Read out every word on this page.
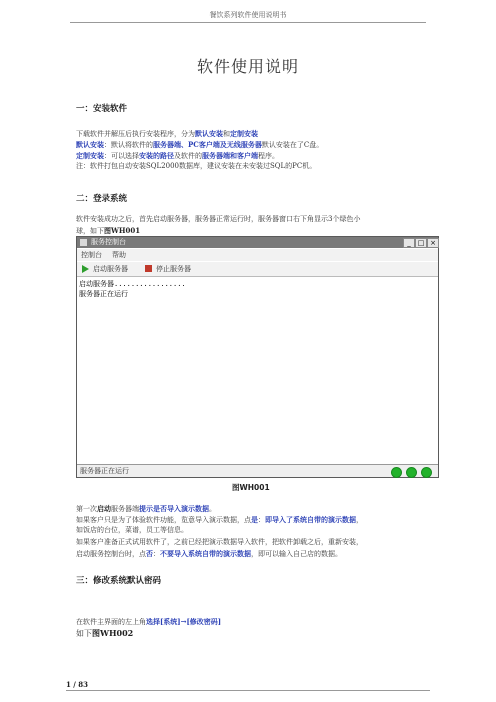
餐饮系列软件使用说明书
软件使用说明
一：安装软件
下载软件并解压后执行安装程序，分为默认安装和定制安装
默认安装：默认将软件的服务器端、PC客户端及无线服务器默认安装在了C盘。
定制安装：可以选择安装的路径及软件的服务器端和客户端程序。
注：软件打包自动安装SQL2000数据库，建议安装在未安装过SQL的PC机。
二：登录系统
软件安装成功之后，首先启动服务器，服务器正常运行时，服务器窗口右下角显示3个绿色小
球，如下图WH001
服务控制台	_ □ ×
控制台 帮助
启动服务器	停止服务器
启动服务器.................
服务器正在运行
服务器正在运行
图WH001
第一次启动服务器端提示是否导入演示数据。
如果客户只是为了体验软件功能，览意导入演示数据，点是：即导入了系统自带的演示数据，
如饭店的台位，菜谱，员工等信息。
如果客户准备正式试用软件了，之前已经把演示数据导入软件，把软件卸载之后，重新安装，
启动服务控制台时，点否：不要导入系统自带的演示数据，即可以输入自己店的数据。
三：修改系统默认密码
在软件主界面的左上角选择[系统]→[修改密码]
如下图WH002
1 / 83
